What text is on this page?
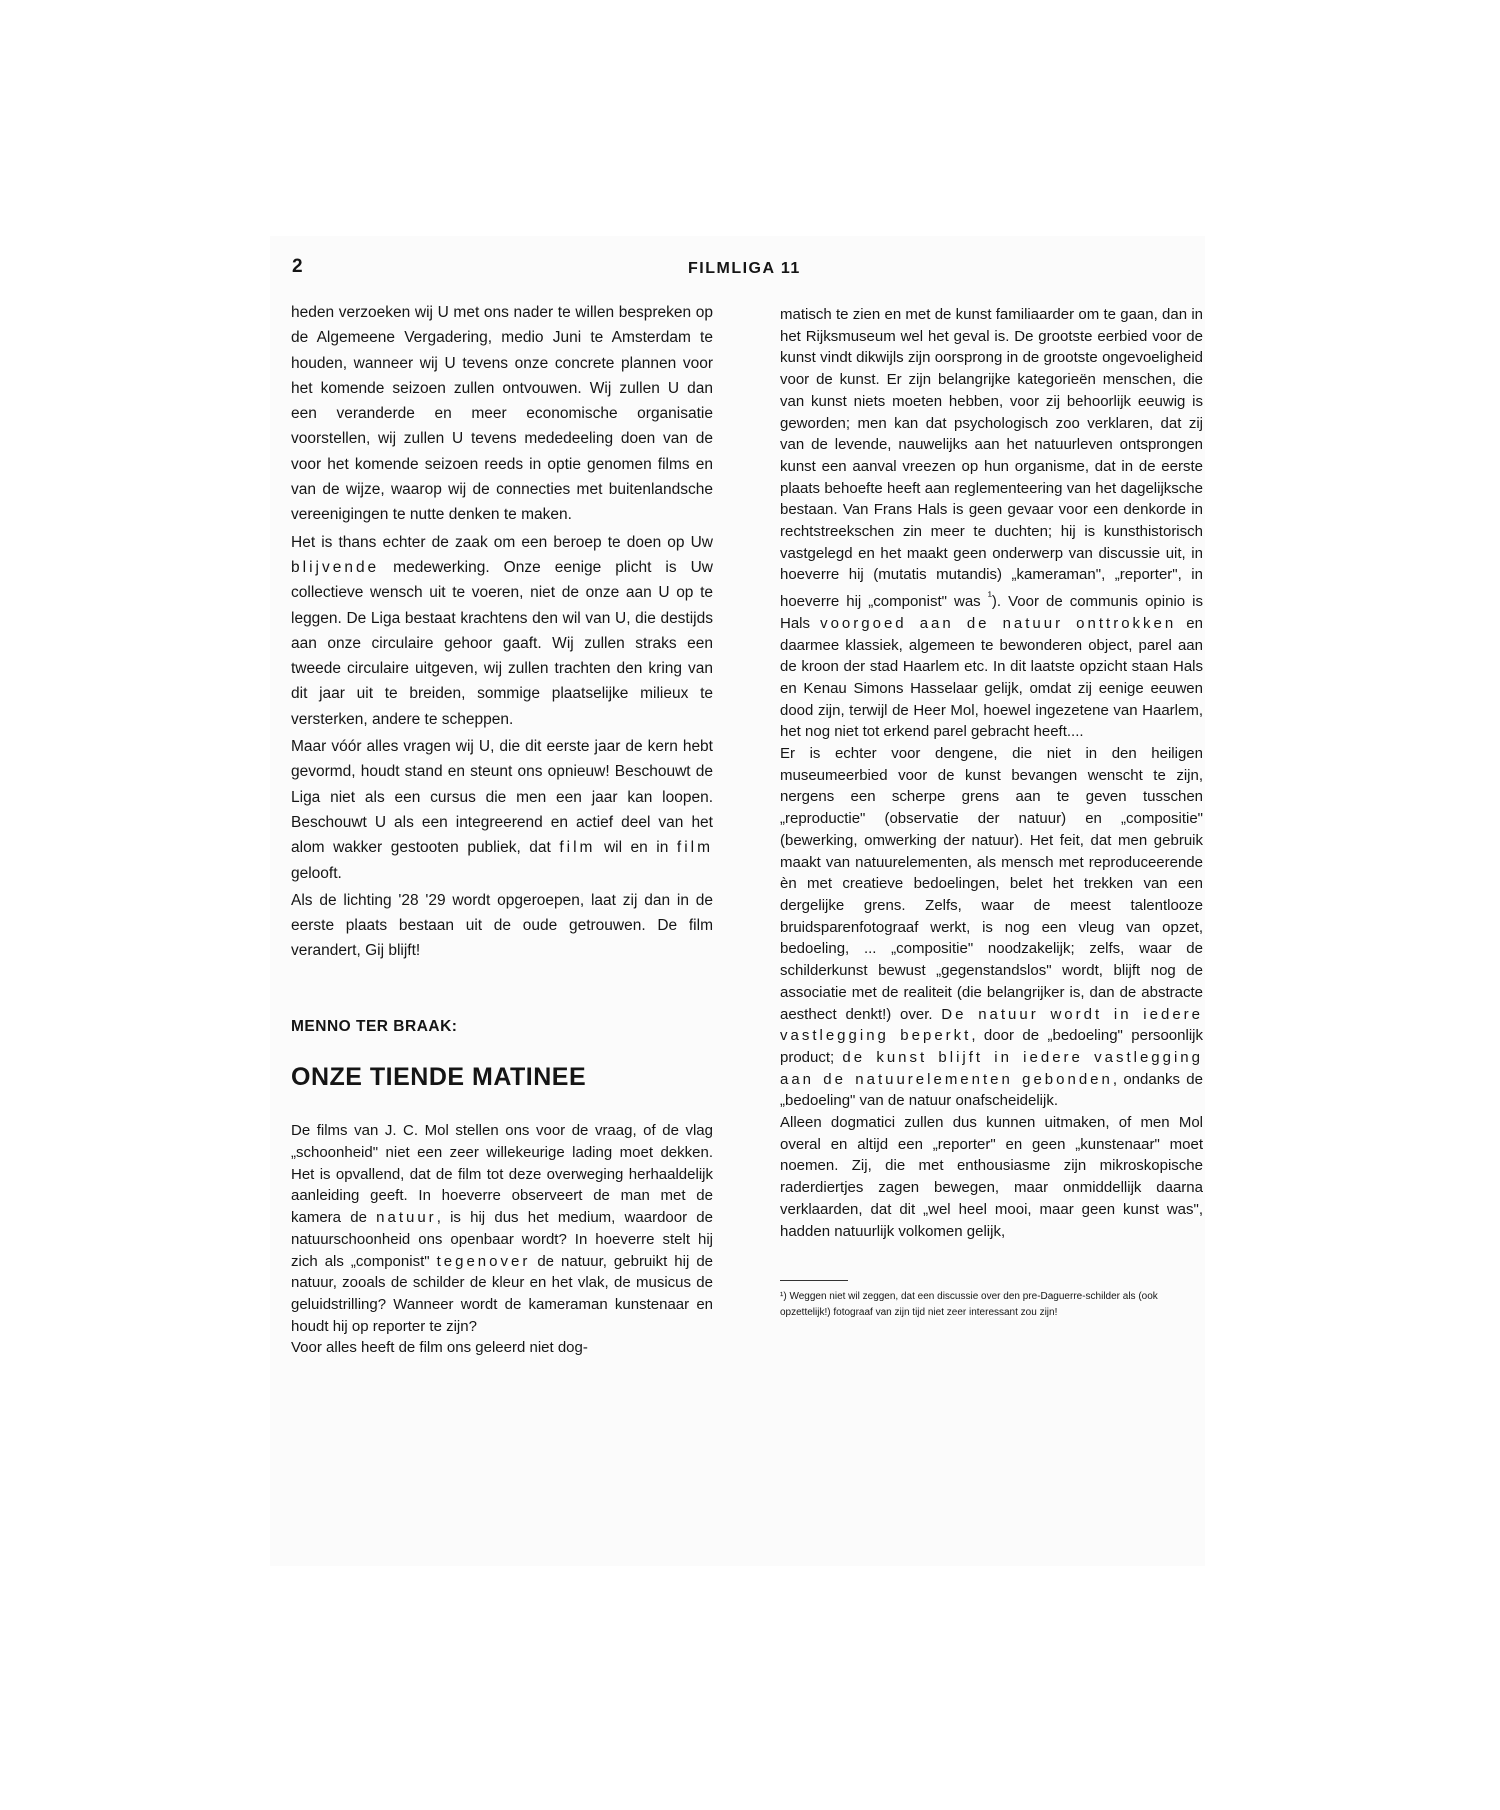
2	FILMLIGA 11

heden verzoeken wij U met ons nader te willen bespreken op de Algemeene Vergadering, medio Juni te Amsterdam te houden, wanneer wij U tevens onze concrete plannen voor het komende seizoen zullen ontvouwen. Wij zullen U dan een veranderde en meer economische organisatie voorstellen, wij zullen U tevens mededeeling doen van de voor het komende seizoen reeds in optie genomen films en van de wijze, waarop wij de connecties met buitenlandsche vereenigingen te nutte denken te maken.

Het is thans echter de zaak om een beroep te doen op Uw blijvende medewerking. Onze eenige plicht is Uw collectieve wensch uit te voeren, niet de onze aan U op te leggen. De Liga bestaat krachtens den wil van U, die destijds aan onze circulaire gehoor gaaft. Wij zullen straks een tweede circulaire uitgeven, wij zullen trachten den kring van dit jaar uit te breiden, sommige plaatselijke milieux te versterken, andere te scheppen.

Maar vóór alles vragen wij U, die dit eerste jaar de kern hebt gevormd, houdt stand en steunt ons opnieuw! Beschouwt de Liga niet als een cursus die men een jaar kan loopen. Beschouwt U als een integreerend en actief deel van het alom wakker gestooten publiek, dat film wil en in film gelooft.

Als de lichting '28 '29 wordt opgeroepen, laat zij dan in de eerste plaats bestaan uit de oude getrouwen. De film verandert, Gij blijft!

MENNO TER BRAAK:
ONZE TIENDE MATINEE

De films van J. C. Mol stellen ons voor de vraag, of de vlag „schoonheid" niet een zeer willekeurige lading moet dekken. Het is opvallend, dat de film tot deze overweging herhaaldelijk aanleiding geeft. In hoeverre observeert de man met de kamera de natuur, is hij dus het medium, waardoor de natuurschoonheid ons openbaar wordt? In hoeverre stelt hij zich als „componist" tegenover de natuur, gebruikt hij de natuur, zooals de schilder de kleur en het vlak, de musicus de geluidstrilling? Wanneer wordt de kameraman kunstenaar en houdt hij op reporter te zijn?

Voor alles heeft de film ons geleerd niet dog-

matisch te zien en met de kunst familiaarder om te gaan, dan in het Rijksmuseum wel het geval is. De grootste eerbied voor de kunst vindt dikwijls zijn oorsprong in de grootste ongevoeligheid voor de kunst. Er zijn belangrijke kategorieën menschen, die van kunst niets moeten hebben, voor zij behoorlijk eeuwig is geworden; men kan dat psychologisch zoo verklaren, dat zij van de levende, nauwelijks aan het natuurleven ontsprongen kunst een aanval vreezen op hun organisme, dat in de eerste plaats behoefte heeft aan reglementeering van het dagelijksche bestaan. Van Frans Hals is geen gevaar voor een denkorde in rechtstreekschen zin meer te duchten; hij is kunsthistorisch vastgelegd en het maakt geen onderwerp van discussie uit, in hoeverre hij (mutatis mutandis) „kameraman", „reporter", in hoeverre hij „componist" was $^{^1}$). Voor de communis opinio is Hals voorgoed aan de natuur onttrokken en daarmee klassiek, algemeen te bewonderen object, parel aan de kroon der stad Haarlem etc. In dit laatste opzicht staan Hals en Kenau Simons Hasselaar gelijk, omdat zij eenige eeuwen dood zijn, terwijl de Heer Mol, hoewel ingezetene van Haarlem, het nog niet tot erkend parel gebracht heeft....

Er is echter voor dengene, die niet in den heiligen museumeerbied voor de kunst bevangen wenscht te zijn, nergens een scherpe grens aan te geven tusschen „reproductie" (observatie der natuur) en „compositie" (bewerking, omwerking der natuur). Het feit, dat men gebruik maakt van natuurelementen, als mensch met reproduceerende èn met creatieve bedoelingen, belet het trekken van een dergelijke grens. Zelfs, waar de meest talentlooze bruidsparenfotograaf werkt, is nog een vleug van opzet, bedoeling, ... „compositie" noodzakelijk; zelfs, waar de schilderkunst bewust „gegenstandslos" wordt, blijft nog de associatie met de realiteit (die belangrijker is, dan de abstracte aesthect denkt!) over. De natuur wordt in iedere vastlegging beperkt, door de „bedoeling" persoonlijk product; de kunst blijft in iedere vastlegging aan de natuurelementen gebonden, ondanks de „bedoeling" van de natuur onafscheidelijk.

Alleen dogmatici zullen dus kunnen uitmaken, of men Mol overal en altijd een „reporter" en geen „kunstenaar" moet noemen. Zij, die met enthousiasme zijn mikroskopische raderdiertjes zagen bewegen, maar onmiddellijk daarna verklaarden, dat dit „wel heel mooi, maar geen kunst was", hadden natuurlijk volkomen gelijk,

¹) Weggen niet wil zeggen, dat een discussie over den pre-Daguerre-schilder als (ook opzettelijk!) fotograaf van zijn tijd niet zeer interessant zou zijn!
